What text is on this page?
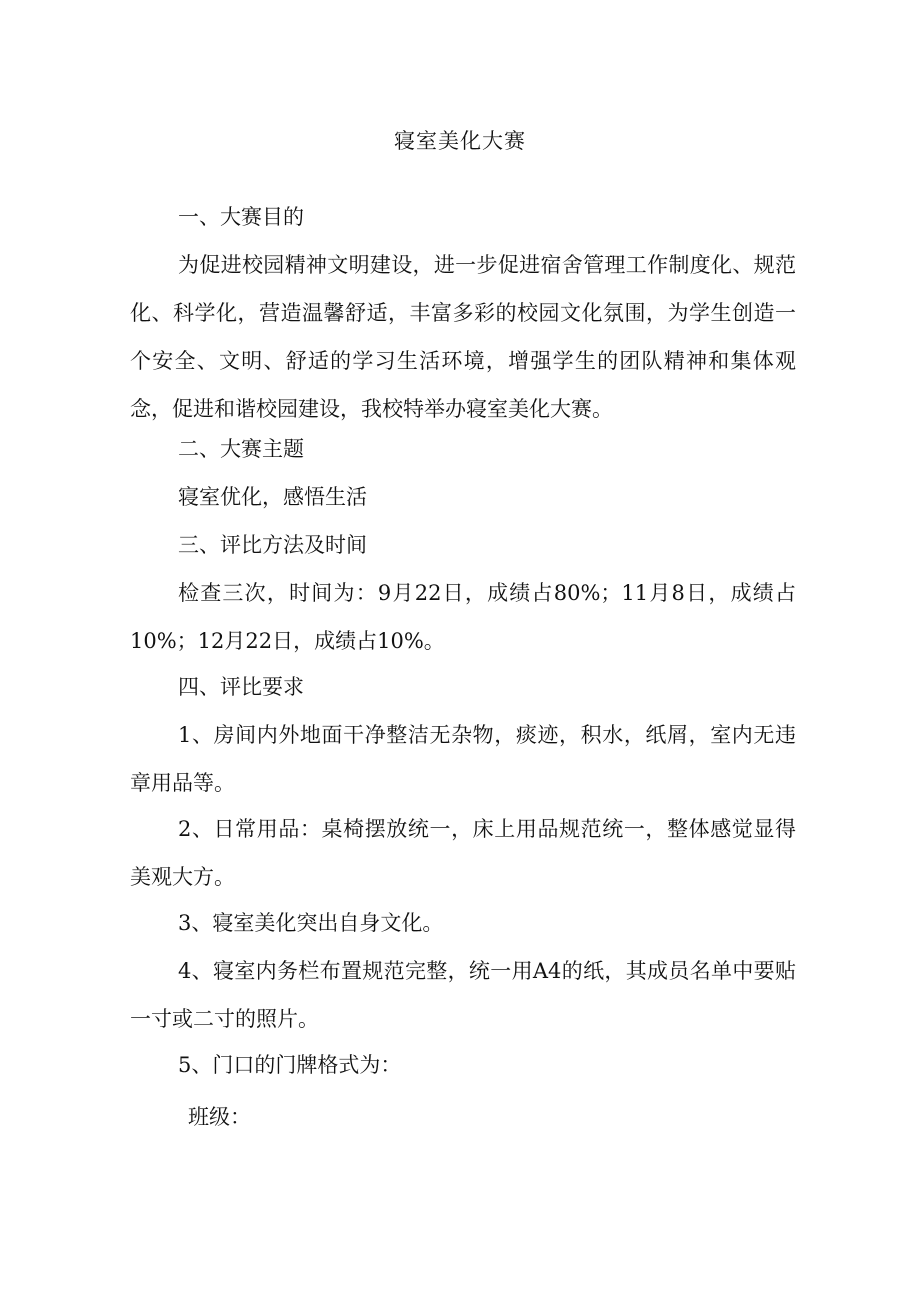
寝室美化大赛

一、大赛目的

为促进校园精神文明建设，进一步促进宿舍管理工作制度化、规范化、科学化，营造温馨舒适，丰富多彩的校园文化氛围，为学生创造一个安全、文明、舒适的学习生活环境，增强学生的团队精神和集体观念，促进和谐校园建设，我校特举办寝室美化大赛。

二、大赛主题

寝室优化，感悟生活

三、评比方法及时间

检查三次，时间为：9月22日，成绩占80%；11月8日，成绩占10%；12月22日，成绩占10%。

四、评比要求

1、房间内外地面干净整洁无杂物，痰迹，积水，纸屑，室内无违章用品等。

2、日常用品：桌椅摆放统一，床上用品规范统一，整体感觉显得美观大方。

3、寝室美化突出自身文化。

4、寝室内务栏布置规范完整，统一用A4的纸，其成员名单中要贴一寸或二寸的照片。

5、门口的门牌格式为：

班级：
